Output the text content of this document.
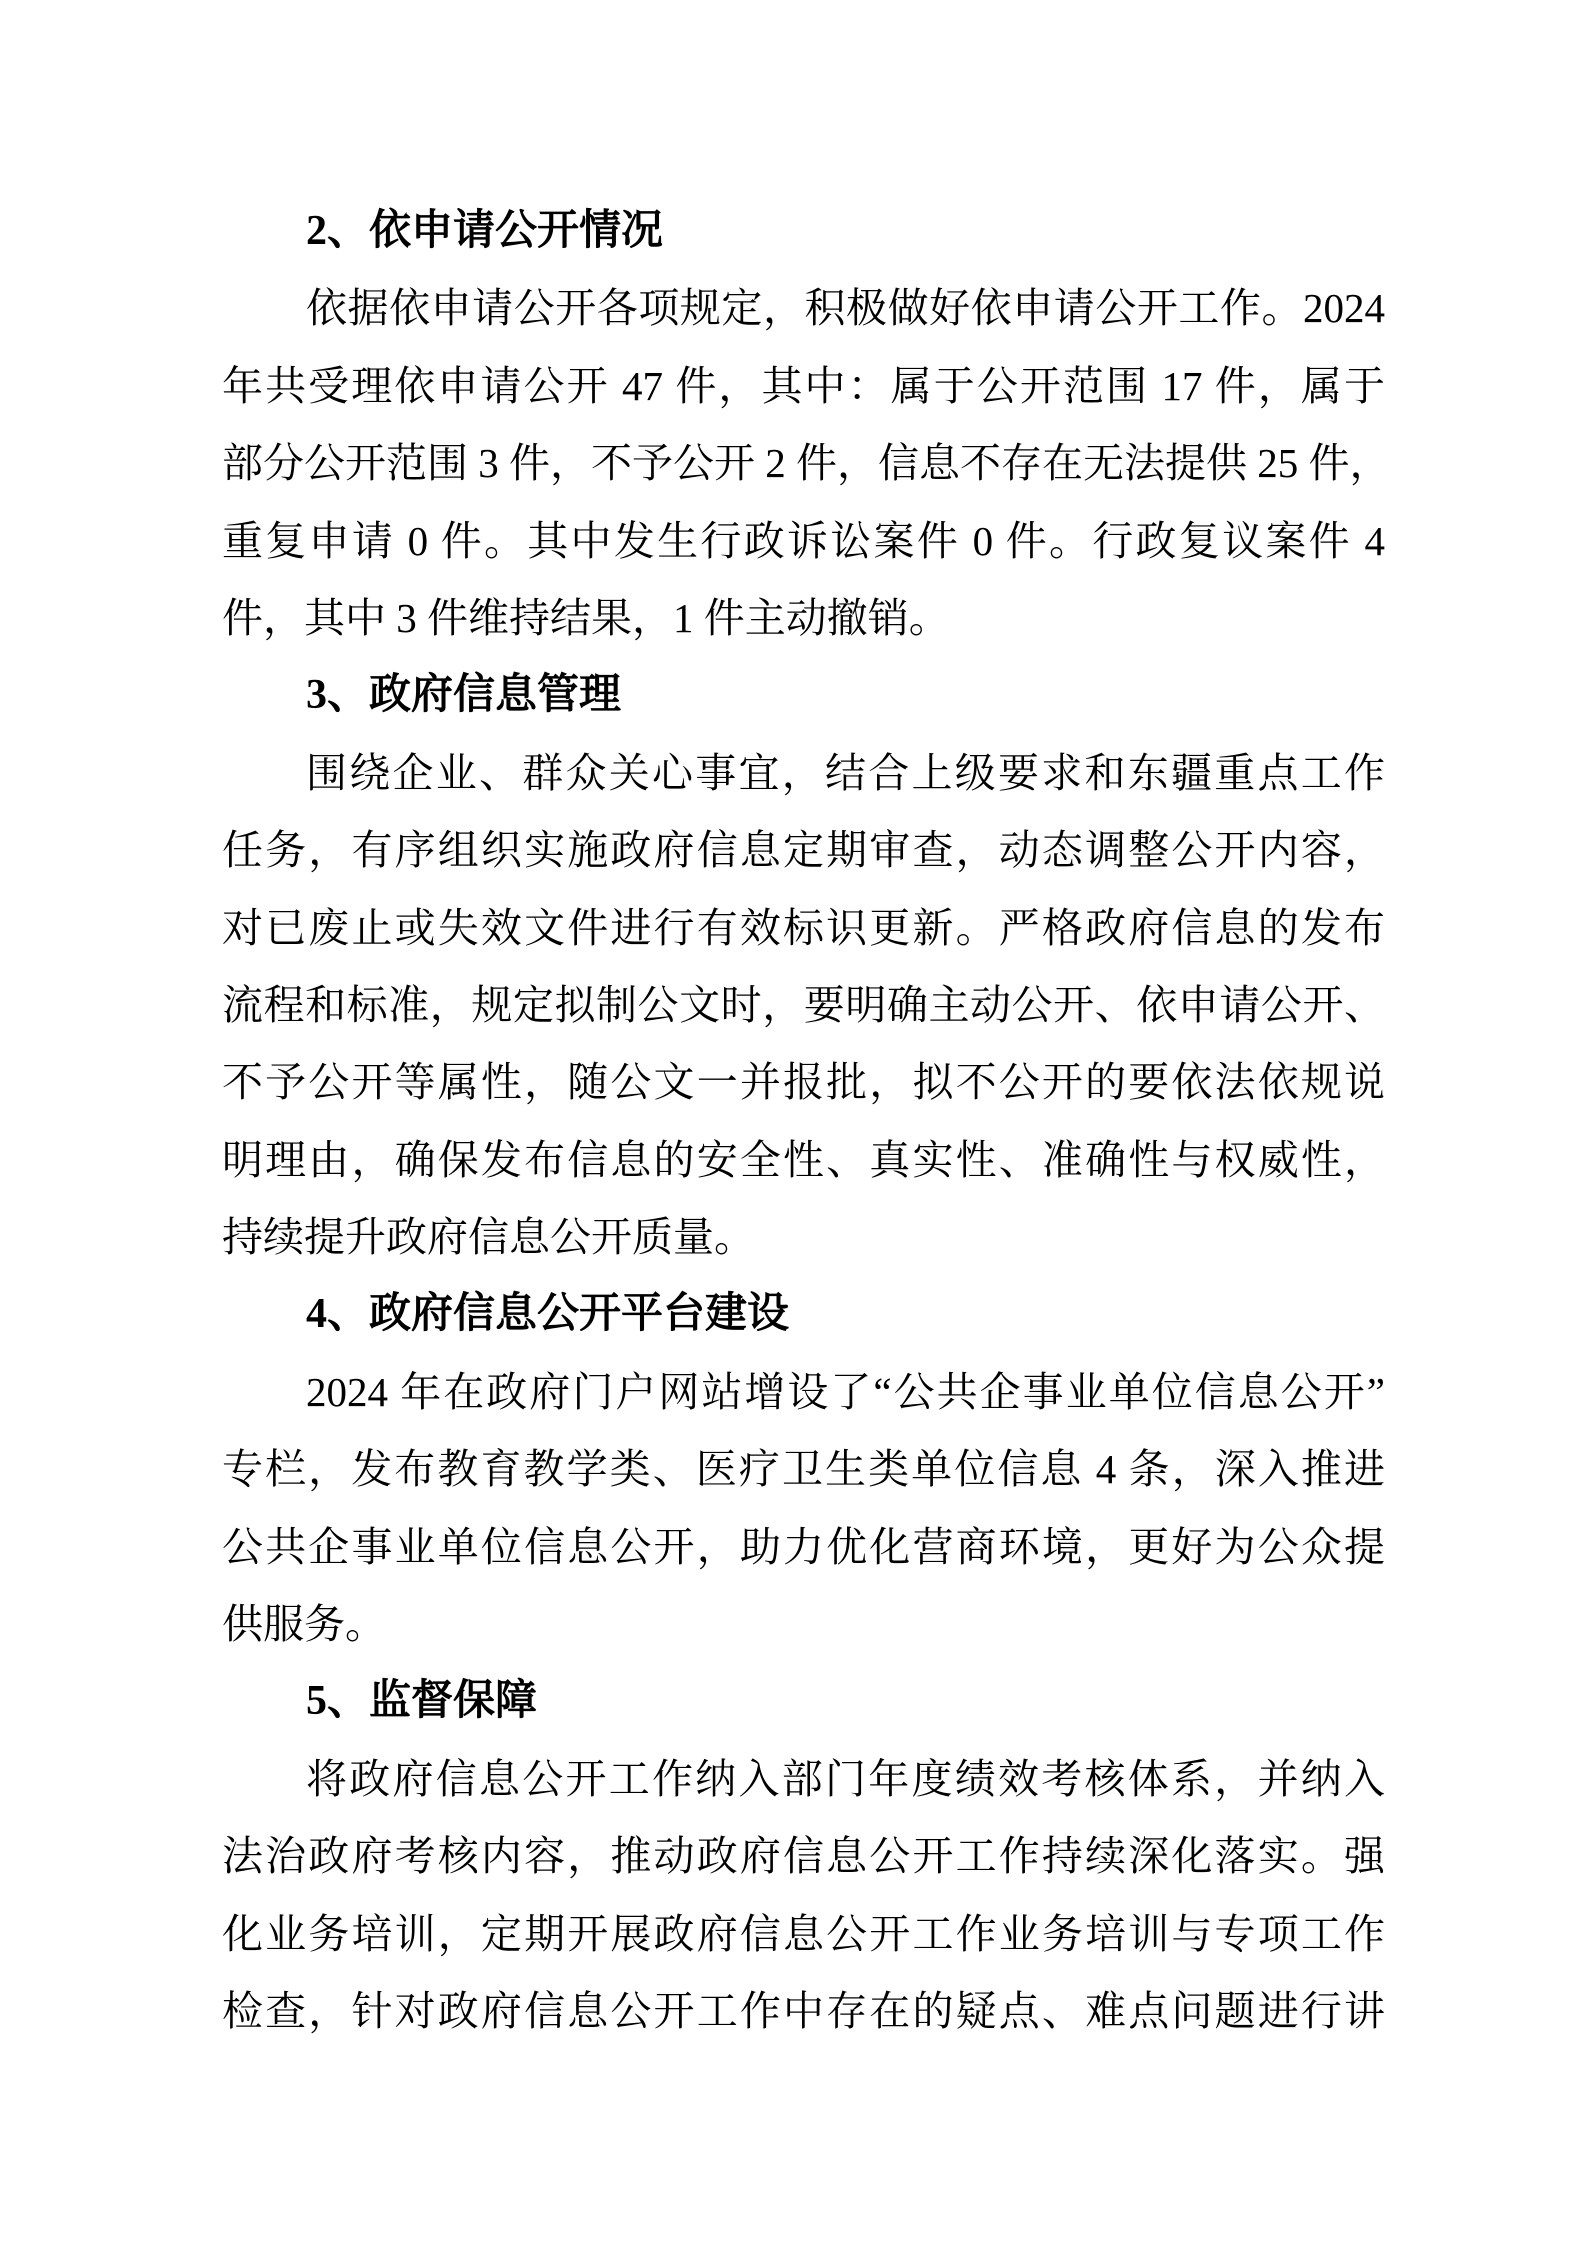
2、依申请公开情况
依据依申请公开各项规定，积极做好依申请公开工作。2024
年共受理依申请公开 47 件，其中：属于公开范围 17 件，属于
部分公开范围 3 件，不予公开 2 件，信息不存在无法提供 25 件，
重复申请 0 件。其中发生行政诉讼案件 0 件。行政复议案件 4
件，其中 3 件维持结果，1 件主动撤销。
3、政府信息管理
围绕企业、群众关心事宜，结合上级要求和东疆重点工作
任务，有序组织实施政府信息定期审查，动态调整公开内容，
对已废止或失效文件进行有效标识更新。严格政府信息的发布
流程和标准，规定拟制公文时，要明确主动公开、依申请公开、
不予公开等属性，随公文一并报批，拟不公开的要依法依规说
明理由，确保发布信息的安全性、真实性、准确性与权威性，
持续提升政府信息公开质量。
4、政府信息公开平台建设
2024 年在政府门户网站增设了“公共企事业单位信息公开”
专栏，发布教育教学类、医疗卫生类单位信息 4 条，深入推进
公共企事业单位信息公开，助力优化营商环境，更好为公众提
供服务。
5、监督保障
将政府信息公开工作纳入部门年度绩效考核体系，并纳入
法治政府考核内容，推动政府信息公开工作持续深化落实。强
化业务培训，定期开展政府信息公开工作业务培训与专项工作
检查，针对政府信息公开工作中存在的疑点、难点问题进行讲
